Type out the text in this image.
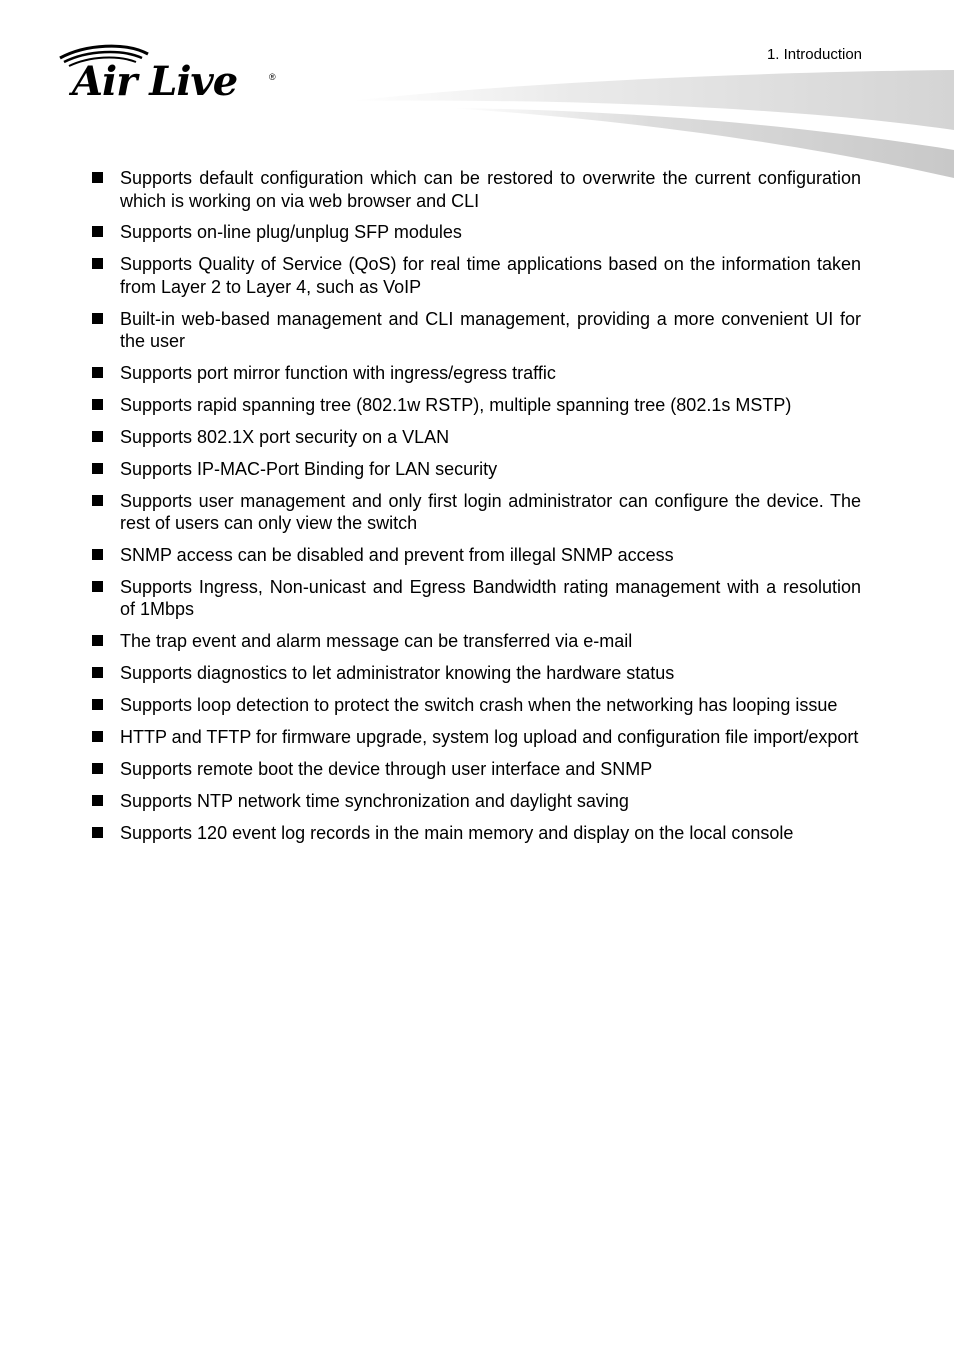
Air Live	®
1. Introduction
Supports default configuration which can be restored to overwrite the current configuration which is working on via web browser and CLI
Supports on-line plug/unplug SFP modules
Supports Quality of Service (QoS) for real time applications based on the information taken from Layer 2 to Layer 4, such as VoIP
Built-in web-based management and CLI management, providing a more convenient UI for the user
Supports port mirror function with ingress/egress traffic
Supports rapid spanning tree (802.1w RSTP), multiple spanning tree (802.1s MSTP)
Supports 802.1X port security on a VLAN
Supports IP-MAC-Port Binding for LAN security
Supports user management and only first login administrator can configure the device. The rest of users can only view the switch
SNMP access can be disabled and prevent from illegal SNMP access
Supports Ingress, Non-unicast and Egress Bandwidth rating management with a resolution of 1Mbps
The trap event and alarm message can be transferred via e-mail
Supports diagnostics to let administrator knowing the hardware status
Supports loop detection to protect the switch crash when the networking has looping issue
HTTP and TFTP for firmware upgrade, system log upload and configuration file import/export
Supports remote boot the device through user interface and SNMP
Supports NTP network time synchronization and daylight saving
Supports 120 event log records in the main memory and display on the local console
